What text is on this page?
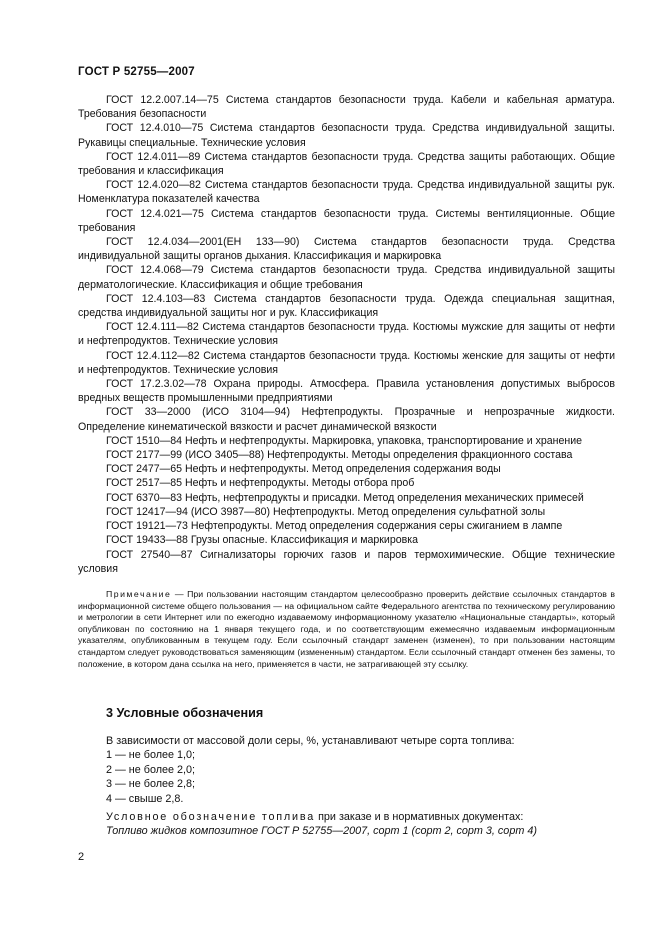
ГОСТ Р 52755—2007

ГОСТ 12.2.007.14—75 Система стандартов безопасности труда. Кабели и кабельная арматура. Требования безопасности

ГОСТ 12.4.010—75 Система стандартов безопасности труда. Средства индивидуальной защиты. Рукавицы специальные. Технические условия

ГОСТ 12.4.011—89 Система стандартов безопасности труда. Средства защиты работающих. Общие требования и классификация

ГОСТ 12.4.020—82 Система стандартов безопасности труда. Средства индивидуальной защиты рук. Номенклатура показателей качества

ГОСТ 12.4.021—75 Система стандартов безопасности труда. Системы вентиляционные. Общие требования

ГОСТ 12.4.034—2001(ЕН 133—90) Система стандартов безопасности труда. Средства индивидуальной защиты органов дыхания. Классификация и маркировка

ГОСТ 12.4.068—79 Система стандартов безопасности труда. Средства индивидуальной защиты дерматологические. Классификация и общие требования

ГОСТ 12.4.103—83 Система стандартов безопасности труда. Одежда специальная защитная, средства индивидуальной защиты ног и рук. Классификация

ГОСТ 12.4.111—82 Система стандартов безопасности труда. Костюмы мужские для защиты от нефти и нефтепродуктов. Технические условия

ГОСТ 12.4.112—82 Система стандартов безопасности труда. Костюмы женские для защиты от нефти и нефтепродуктов. Технические условия

ГОСТ 17.2.3.02—78 Охрана природы. Атмосфера. Правила установления допустимых выбросов вредных веществ промышленными предприятиями

ГОСТ 33—2000 (ИСО 3104—94) Нефтепродукты. Прозрачные и непрозрачные жидкости. Определение кинематической вязкости и расчет динамической вязкости

ГОСТ 1510—84 Нефть и нефтепродукты. Маркировка, упаковка, транспортирование и хранение

ГОСТ 2177—99 (ИСО 3405—88) Нефтепродукты. Методы определения фракционного состава

ГОСТ 2477—65 Нефть и нефтепродукты. Метод определения содержания воды

ГОСТ 2517—85 Нефть и нефтепродукты. Методы отбора проб

ГОСТ 6370—83 Нефть, нефтепродукты и присадки. Метод определения механических примесей

ГОСТ 12417—94 (ИСО 3987—80) Нефтепродукты. Метод определения сульфатной золы

ГОСТ 19121—73 Нефтепродукты. Метод определения содержания серы сжиганием в лампе

ГОСТ 19433—88 Грузы опасные. Классификация и маркировка

ГОСТ 27540—87 Сигнализаторы горючих газов и паров термохимические. Общие технические условия

Примечание — При пользовании настоящим стандартом целесообразно проверить действие ссылочных стандартов в информационной системе общего пользования — на официальном сайте Федерального агентства по техническому регулированию и метрологии в сети Интернет или по ежегодно издаваемому информационному указателю «Национальные стандарты», который опубликован по состоянию на 1 января текущего года, и по соответствующим ежемесячно издаваемым информационным указателям, опубликованным в текущем году. Если ссылочный стандарт заменен (изменен), то при пользовании настоящим стандартом следует руководствоваться заменяющим (измененным) стандартом. Если ссылочный стандарт отменен без замены, то положение, в котором дана ссылка на него, применяется в части, не затрагивающей эту ссылку.

3 Условные обозначения

В зависимости от массовой доли серы, %, устанавливают четыре сорта топлива:

1 — не более 1,0;

2 — не более 2,0;

3 — не более 2,8;

4 — свыше 2,8.

Условное обозначение топлива при заказе и в нормативных документах:

Топливо жидков композитное ГОСТ Р 52755—2007, сорт 1 (сорт 2, сорт 3, сорт 4)

2
